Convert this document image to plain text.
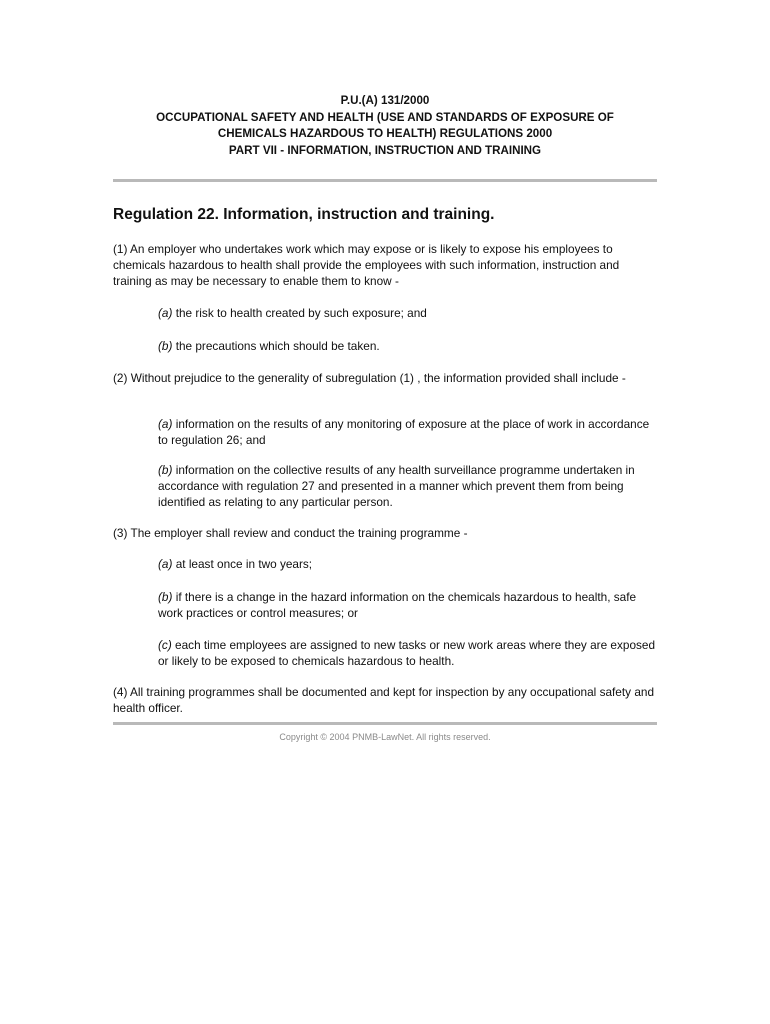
P.U.(A) 131/2000
OCCUPATIONAL SAFETY AND HEALTH (USE AND STANDARDS OF EXPOSURE OF
CHEMICALS HAZARDOUS TO HEALTH) REGULATIONS 2000
PART VII - INFORMATION, INSTRUCTION AND TRAINING
Regulation 22. Information, instruction and training.

(1) An employer who undertakes work which may expose or is likely to expose his employees to chemicals hazardous to health shall provide the employees with such information, instruction and training as may be necessary to enable them to know -

(a) the risk to health created by such exposure; and

(b) the precautions which should be taken.

(2) Without prejudice to the generality of subregulation (1) , the information provided shall include -

(a) information on the results of any monitoring of exposure at the place of work in accordance to regulation 26; and

(b) information on the collective results of any health surveillance programme undertaken in accordance with regulation 27 and presented in a manner which prevent them from being identified as relating to any particular person.

(3) The employer shall review and conduct the training programme -

(a) at least once in two years;

(b) if there is a change in the hazard information on the chemicals hazardous to health, safe work practices or control measures; or

(c) each time employees are assigned to new tasks or new work areas where they are exposed or likely to be exposed to chemicals hazardous to health.

(4) All training programmes shall be documented and kept for inspection by any occupational safety and health officer.

Copyright © 2004 PNMB-LawNet. All rights reserved.
